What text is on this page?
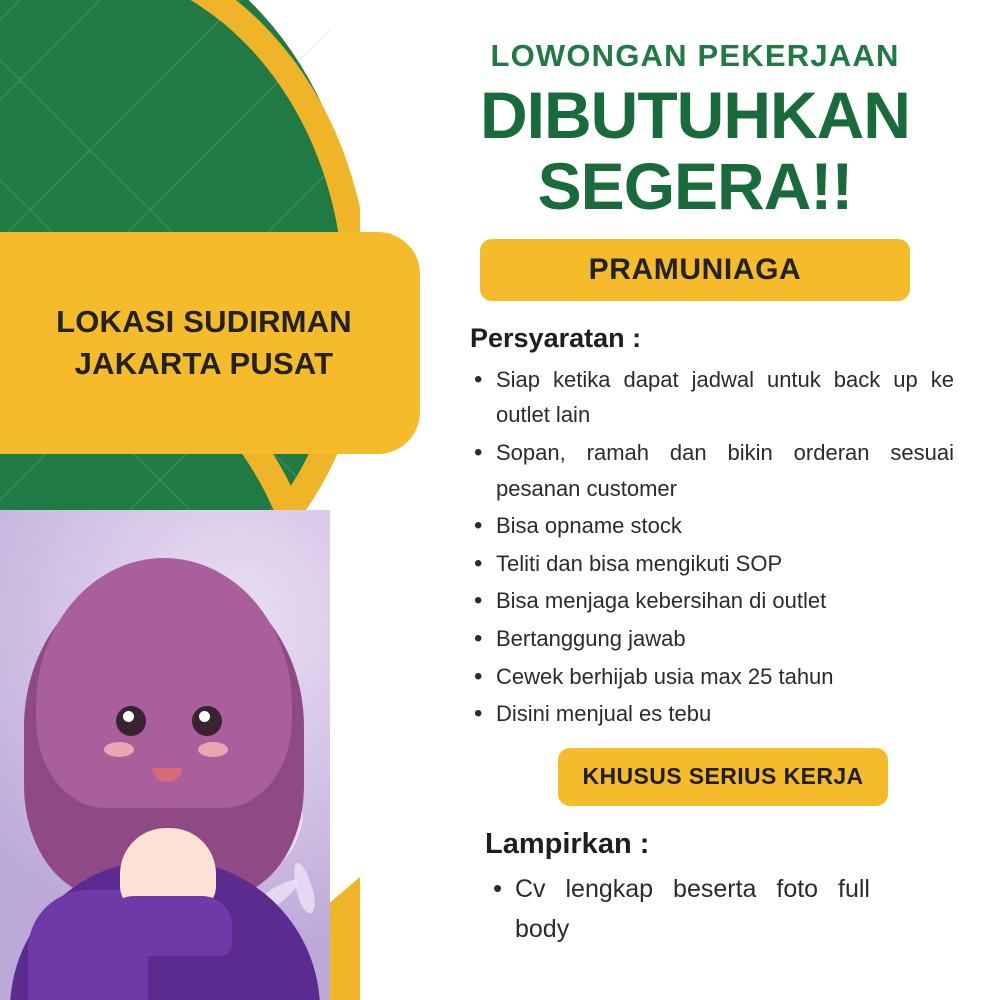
LOKASI SUDIRMAN
JAKARTA PUSAT
LOWONGAN PEKERJAAN
DIBUTUHKAN
SEGERA!!
PRAMUNIAGA
Persyaratan :
• Siap ketika dapat jadwal untuk back up ke outlet lain
• Sopan, ramah dan bikin orderan sesuai pesanan customer
• Bisa opname stock
• Teliti dan bisa mengikuti SOP
• Bisa menjaga kebersihan di outlet
• Bertanggung jawab
• Cewek berhijab usia max 25 tahun
• Disini menjual es tebu
KHUSUS SERIUS KERJA
Lampirkan :
• Cv lengkap beserta foto full body
